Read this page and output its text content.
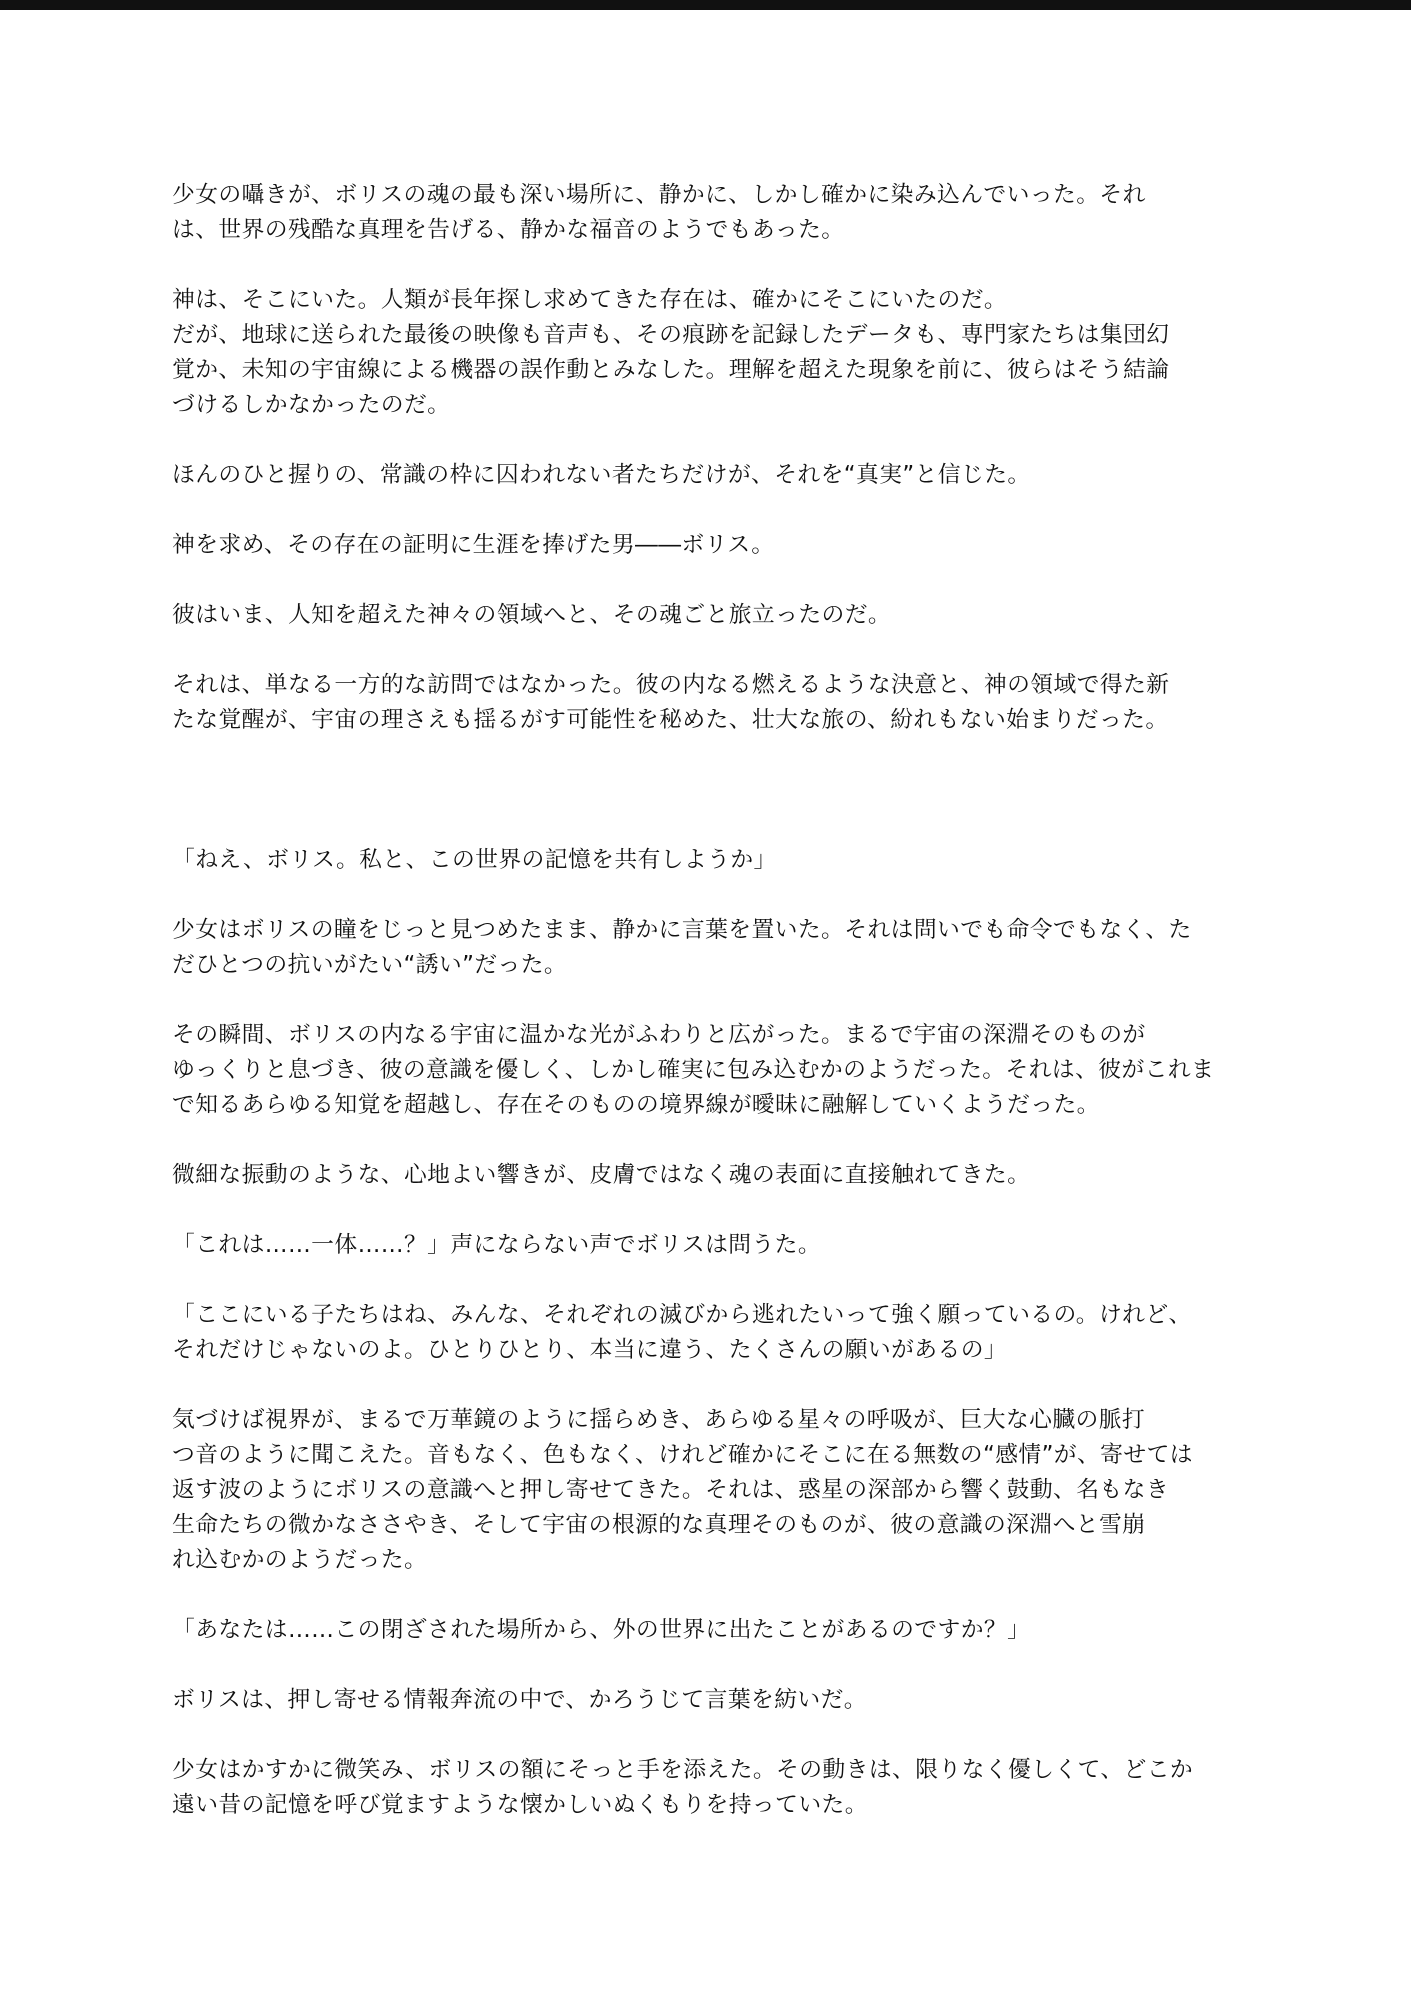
少女の囁きが、ボリスの魂の最も深い場所に、静かに、しかし確かに染み込んでいった。それ
は、世界の残酷な真理を告げる、静かな福音のようでもあった。

神は、そこにいた。人類が長年探し求めてきた存在は、確かにそこにいたのだ。
だが、地球に送られた最後の映像も音声も、その痕跡を記録したデータも、専門家たちは集団幻
覚か、未知の宇宙線による機器の誤作動とみなした。理解を超えた現象を前に、彼らはそう結論
づけるしかなかったのだ。

ほんのひと握りの、常識の枠に囚われない者たちだけが、それを“真実”と信じた。

神を求め、その存在の証明に生涯を捧げた男――ボリス。

彼はいま、人知を超えた神々の領域へと、その魂ごと旅立ったのだ。

それは、単なる一方的な訪問ではなかった。彼の内なる燃えるような決意と、神の領域で得た新
たな覚醒が、宇宙の理さえも揺るがす可能性を秘めた、壮大な旅の、紛れもない始まりだった。

「ねえ、ボリス。私と、この世界の記憶を共有しようか」

少女はボリスの瞳をじっと見つめたまま、静かに言葉を置いた。それは問いでも命令でもなく、た
だひとつの抗いがたい“誘い”だった。

その瞬間、ボリスの内なる宇宙に温かな光がふわりと広がった。まるで宇宙の深淵そのものが
ゆっくりと息づき、彼の意識を優しく、しかし確実に包み込むかのようだった。それは、彼がこれま
で知るあらゆる知覚を超越し、存在そのものの境界線が曖昧に融解していくようだった。

微細な振動のような、心地よい響きが、皮膚ではなく魂の表面に直接触れてきた。

「これは……一体……？」声にならない声でボリスは問うた。

「ここにいる子たちはね、みんな、それぞれの滅びから逃れたいって強く願っているの。けれど、
それだけじゃないのよ。ひとりひとり、本当に違う、たくさんの願いがあるの」

気づけば視界が、まるで万華鏡のように揺らめき、あらゆる星々の呼吸が、巨大な心臓の脈打
つ音のように聞こえた。音もなく、色もなく、けれど確かにそこに在る無数の“感情”が、寄せては
返す波のようにボリスの意識へと押し寄せてきた。それは、惑星の深部から響く鼓動、名もなき
生命たちの微かなささやき、そして宇宙の根源的な真理そのものが、彼の意識の深淵へと雪崩
れ込むかのようだった。

「あなたは……この閉ざされた場所から、外の世界に出たことがあるのですか？」

ボリスは、押し寄せる情報奔流の中で、かろうじて言葉を紡いだ。

少女はかすかに微笑み、ボリスの額にそっと手を添えた。その動きは、限りなく優しくて、どこか
遠い昔の記憶を呼び覚ますような懐かしいぬくもりを持っていた。
